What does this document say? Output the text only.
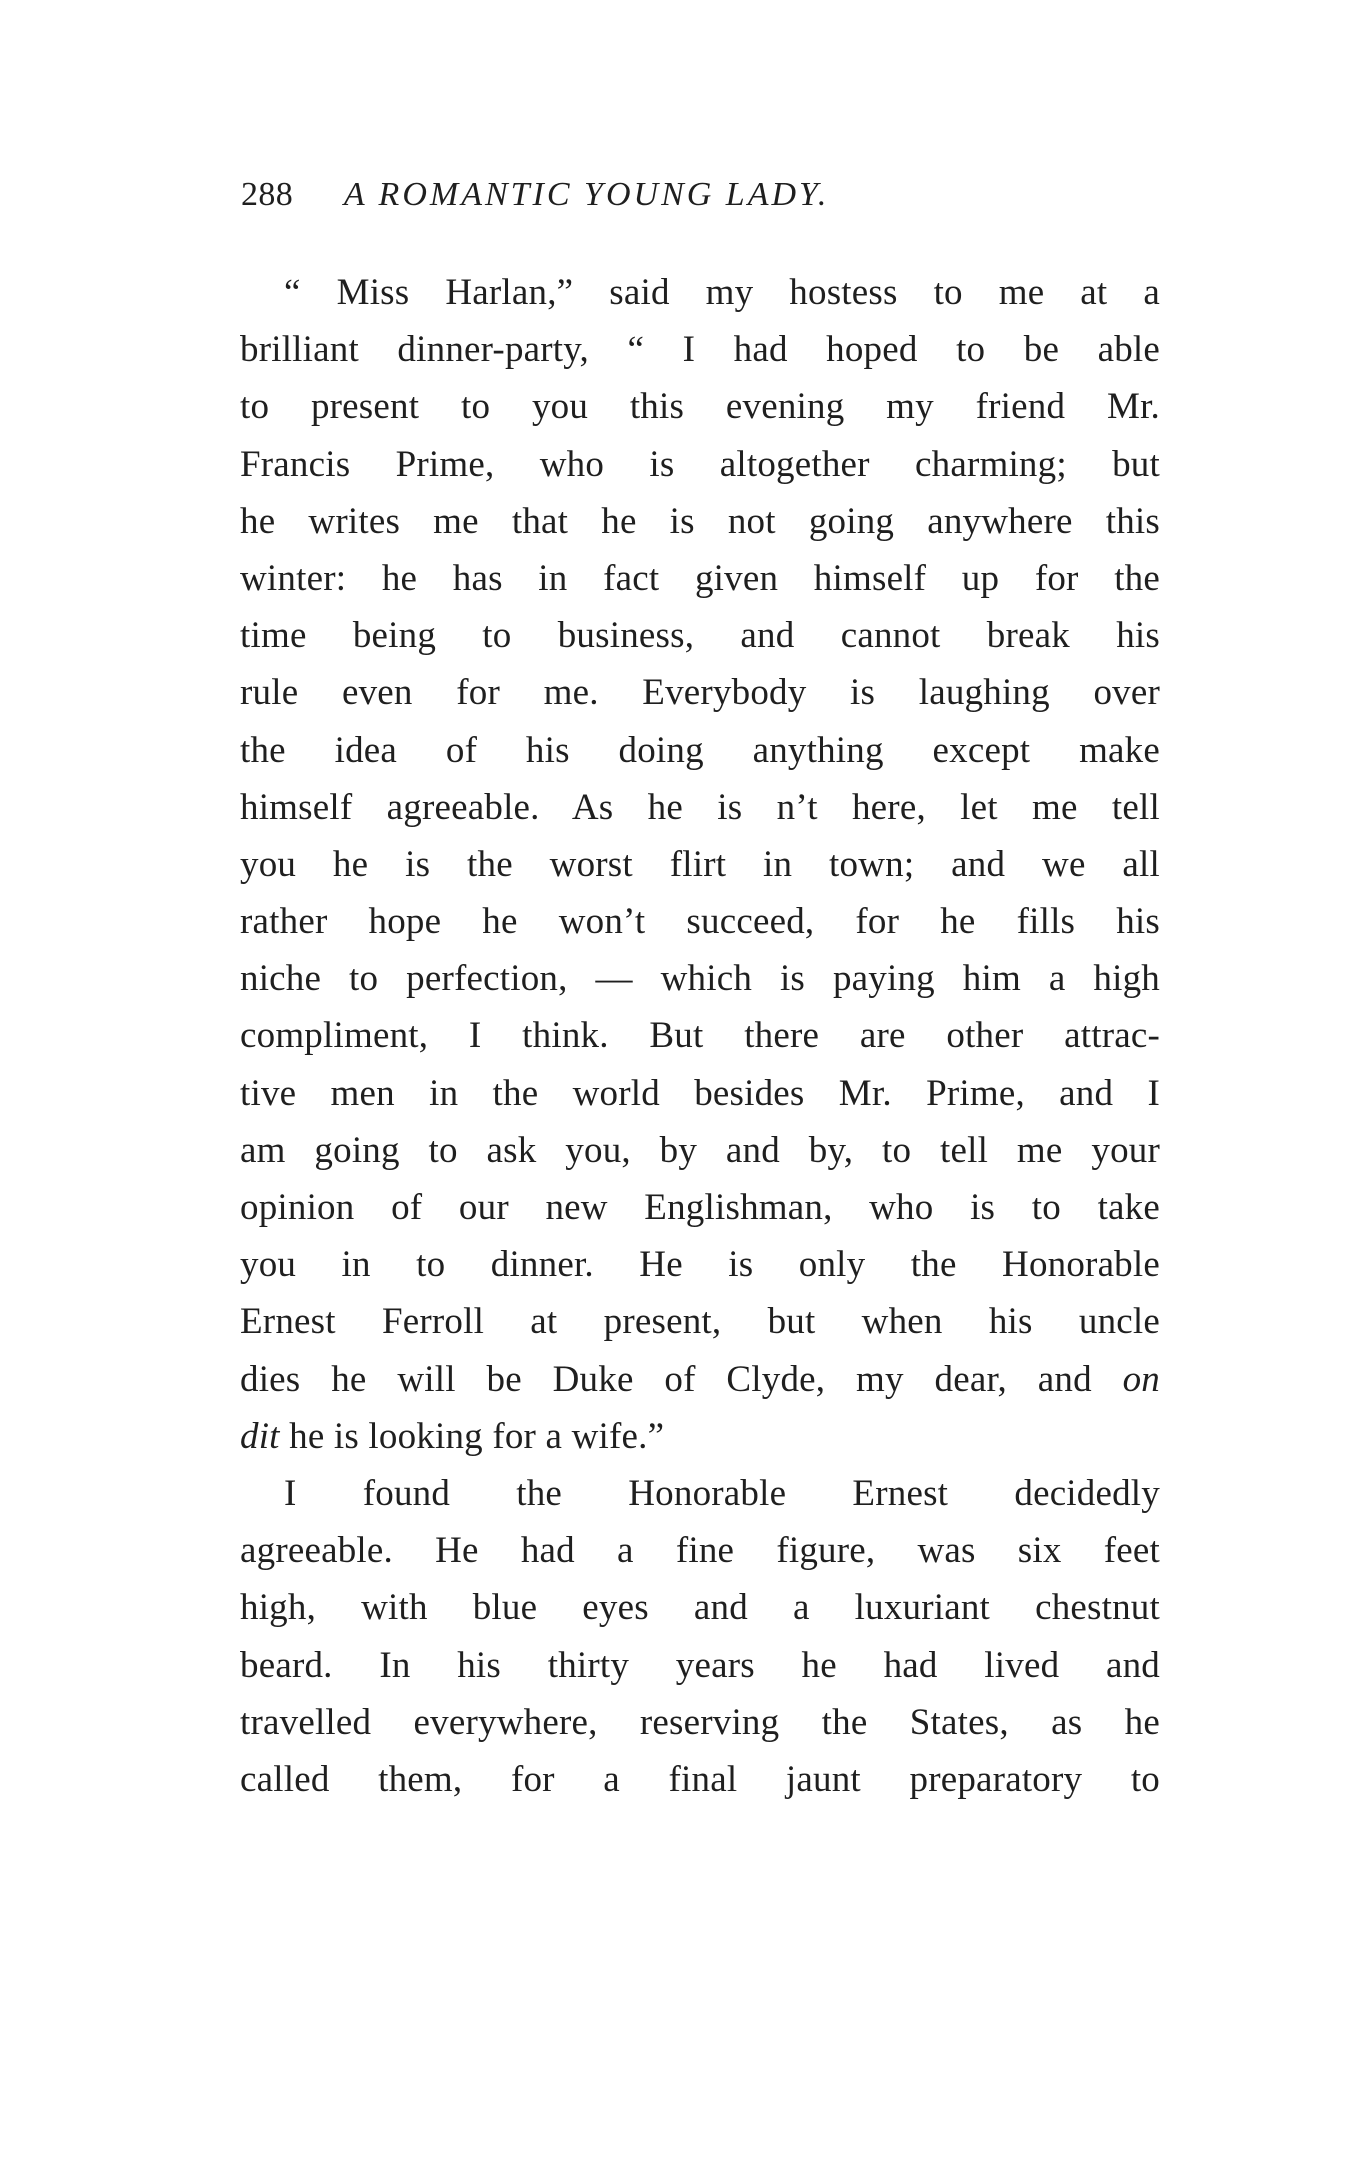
288 A ROMANTIC YOUNG LADY.
“ Miss Harlan,” said my hostess to me at a
brilliant dinner-party, “ I had hoped to be able
to present to you this evening my friend Mr.
Francis Prime, who is altogether charming; but
he writes me that he is not going anywhere this
winter: he has in fact given himself up for the
time being to business, and cannot break his
rule even for me. Everybody is laughing over
the idea of his doing anything except make
himself agreeable. As he is n’t here, let me tell
you he is the worst flirt in town; and we all
rather hope he won’t succeed, for he fills his
niche to perfection, — which is paying him a high
compliment, I think. But there are other attrac-
tive men in the world besides Mr. Prime, and I
am going to ask you, by and by, to tell me your
opinion of our new Englishman, who is to take
you in to dinner. He is only the Honorable
Ernest Ferroll at present, but when his uncle
dies he will be Duke of Clyde, my dear, and on
dit he is looking for a wife.”
I found the Honorable Ernest decidedly
agreeable. He had a fine figure, was six feet
high, with blue eyes and a luxuriant chestnut
beard. In his thirty years he had lived and
travelled everywhere, reserving the States, as he
called them, for a final jaunt preparatory to
